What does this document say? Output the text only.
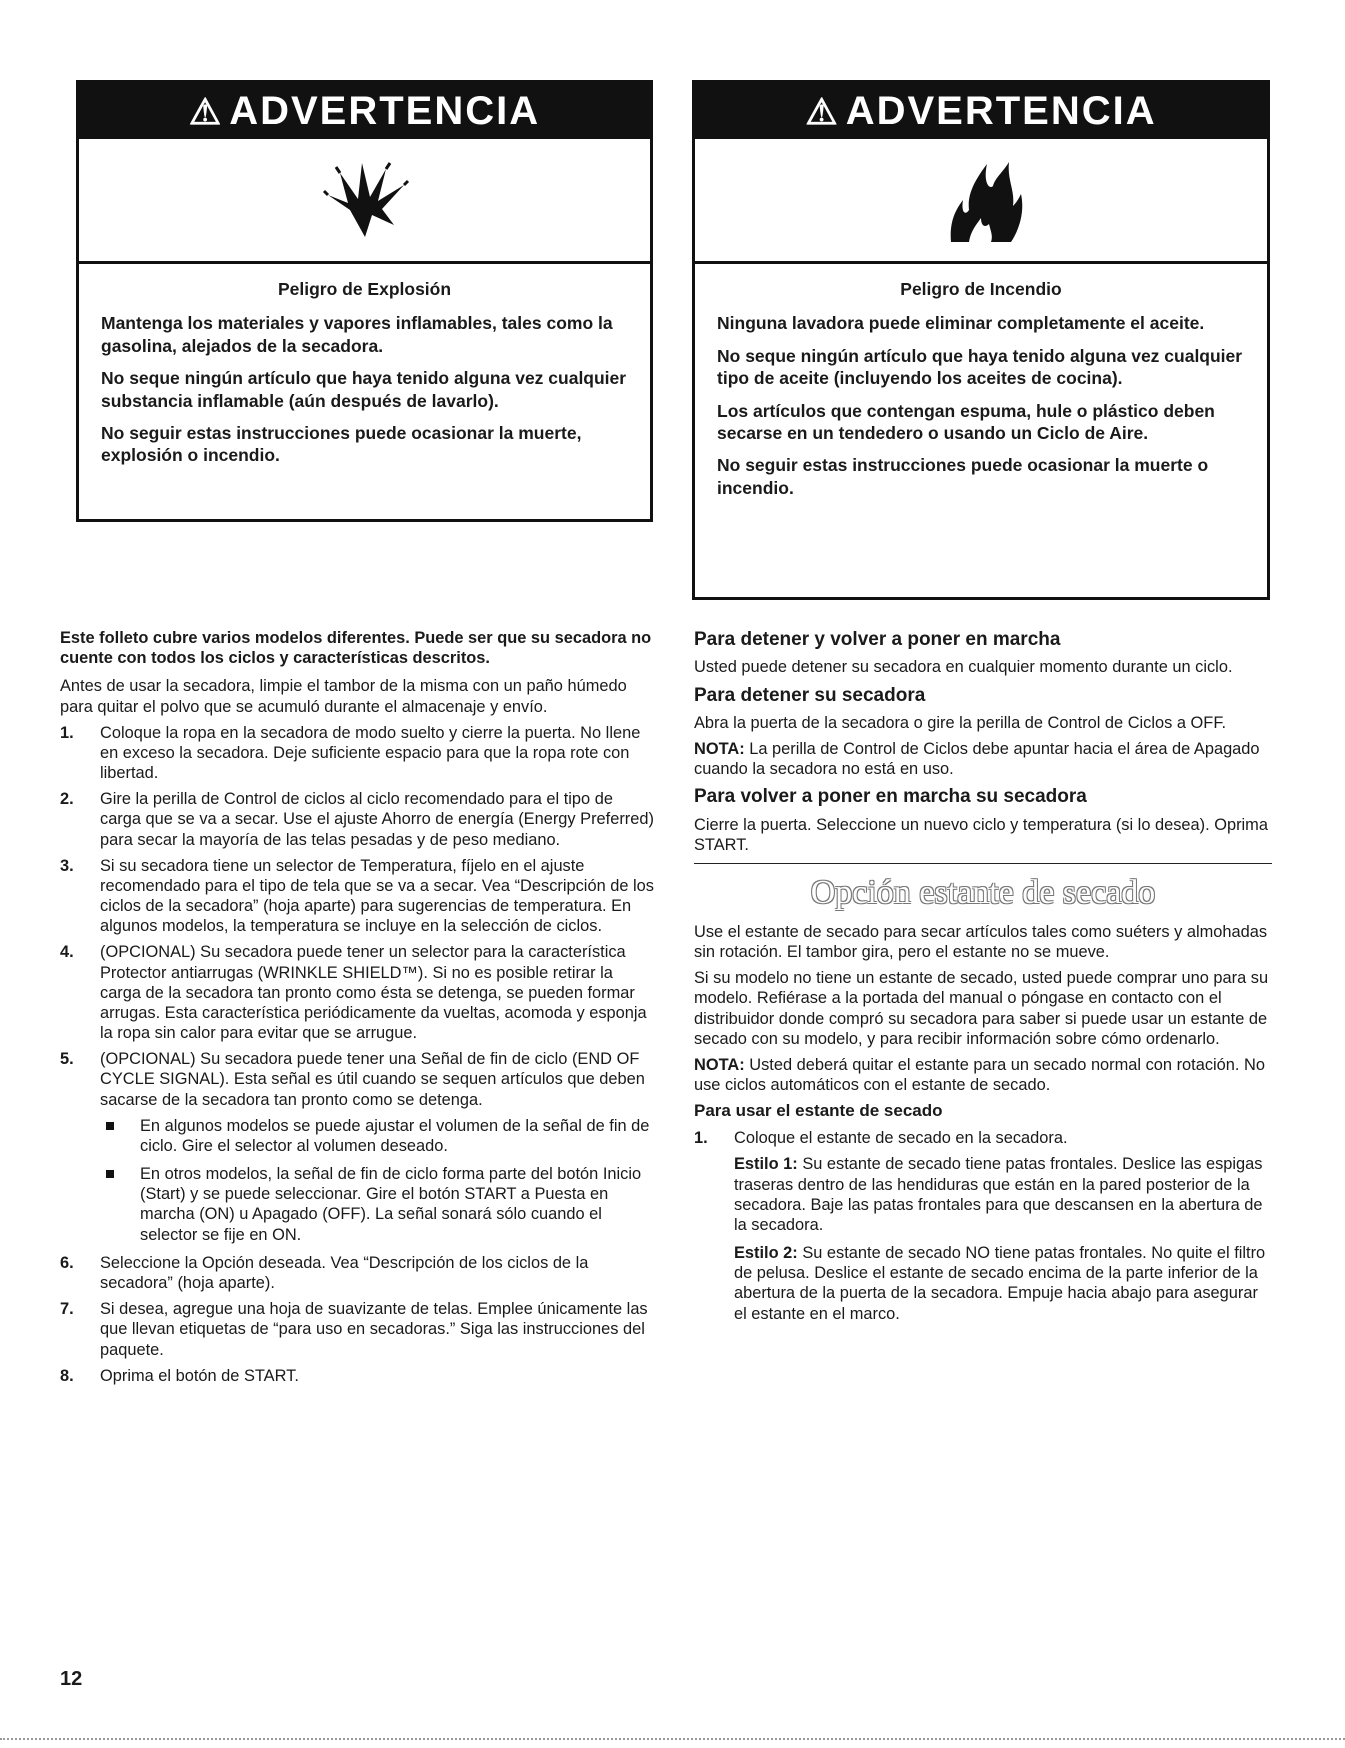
⚠ ADVERTENCIA

Peligro de Explosión

Mantenga los materiales y vapores inflamables, tales como la gasolina, alejados de la secadora.

No seque ningún artículo que haya tenido alguna vez cualquier substancia inflamable (aún después de lavarlo).

No seguir estas instrucciones puede ocasionar la muerte, explosión o incendio.

⚠ ADVERTENCIA

Peligro de Incendio

Ninguna lavadora puede eliminar completamente el aceite.

No seque ningún artículo que haya tenido alguna vez cualquier tipo de aceite (incluyendo los aceites de cocina).

Los artículos que contengan espuma, hule o plástico deben secarse en un tendedero o usando un Ciclo de Aire.

No seguir estas instrucciones puede ocasionar la muerte o incendio.

Este folleto cubre varios modelos diferentes. Puede ser que su secadora no cuente con todos los ciclos y características descritos.

Antes de usar la secadora, limpie el tambor de la misma con un paño húmedo para quitar el polvo que se acumuló durante el almacenaje y envío.

1. Coloque la ropa en la secadora de modo suelto y cierre la puerta. No llene en exceso la secadora. Deje suficiente espacio para que la ropa rote con libertad.
2. Gire la perilla de Control de ciclos al ciclo recomendado para el tipo de carga que se va a secar. Use el ajuste Ahorro de energía (Energy Preferred) para secar la mayoría de las telas pesadas y de peso mediano.
3. Si su secadora tiene un selector de Temperatura, fíjelo en el ajuste recomendado para el tipo de tela que se va a secar. Vea “Descripción de los ciclos de la secadora” (hoja aparte) para sugerencias de temperatura. En algunos modelos, la temperatura se incluye en la selección de ciclos.
4. (OPCIONAL) Su secadora puede tener un selector para la característica Protector antiarrugas (WRINKLE SHIELD™). Si no es posible retirar la carga de la secadora tan pronto como ésta se detenga, se pueden formar arrugas. Esta característica periódicamente da vueltas, acomoda y esponja la ropa sin calor para evitar que se arrugue.
5. (OPCIONAL) Su secadora puede tener una Señal de fin de ciclo (END OF CYCLE SIGNAL). Esta señal es útil cuando se sequen artículos que deben sacarse de la secadora tan pronto como se detenga.
En algunos modelos se puede ajustar el volumen de la señal de fin de ciclo. Gire el selector al volumen deseado.
En otros modelos, la señal de fin de ciclo forma parte del botón Inicio (Start) y se puede seleccionar. Gire el botón START a Puesta en marcha (ON) u Apagado (OFF). La señal sonará sólo cuando el selector se fije en ON.
6. Seleccione la Opción deseada. Vea “Descripción de los ciclos de la secadora” (hoja aparte).
7. Si desea, agregue una hoja de suavizante de telas. Emplee únicamente las que llevan etiquetas de “para uso en secadoras.” Siga las instrucciones del paquete.
8. Oprima el botón de START.

Para detener y volver a poner en marcha

Usted puede detener su secadora en cualquier momento durante un ciclo.

Para detener su secadora

Abra la puerta de la secadora o gire la perilla de Control de Ciclos a OFF.

NOTA: La perilla de Control de Ciclos debe apuntar hacia el área de Apagado cuando la secadora no está en uso.

Para volver a poner en marcha su secadora

Cierre la puerta. Seleccione un nuevo ciclo y temperatura (si lo desea). Oprima START.

Opción estante de secado

Use el estante de secado para secar artículos tales como suéters y almohadas sin rotación. El tambor gira, pero el estante no se mueve.

Si su modelo no tiene un estante de secado, usted puede comprar uno para su modelo. Refiérase a la portada del manual o póngase en contacto con el distribuidor donde compró su secadora para saber si puede usar un estante de secado con su modelo, y para recibir información sobre cómo ordenarlo.

NOTA: Usted deberá quitar el estante para un secado normal con rotación. No use ciclos automáticos con el estante de secado.

Para usar el estante de secado

1. Coloque el estante de secado en la secadora.

Estilo 1: Su estante de secado tiene patas frontales. Deslice las espigas traseras dentro de las hendiduras que están en la pared posterior de la secadora. Baje las patas frontales para que descansen en la abertura de la secadora.

Estilo 2: Su estante de secado NO tiene patas frontales. No quite el filtro de pelusa. Deslice el estante de secado encima de la parte inferior de la abertura de la puerta de la secadora. Empuje hacia abajo para asegurar el estante en el marco.

12
